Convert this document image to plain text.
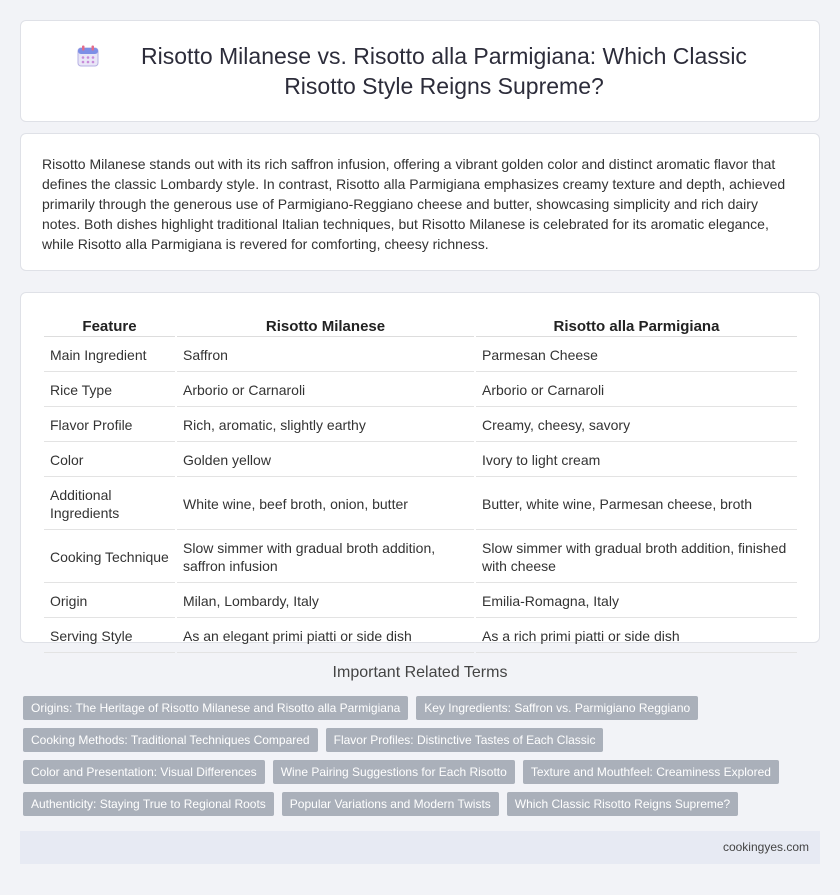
Risotto Milanese vs. Risotto alla Parmigiana: Which Classic Risotto Style Reigns Supreme?

Risotto Milanese stands out with its rich saffron infusion, offering a vibrant golden color and distinct aromatic flavor that defines the classic Lombardy style. In contrast, Risotto alla Parmigiana emphasizes creamy texture and depth, achieved primarily through the generous use of Parmigiano-Reggiano cheese and butter, showcasing simplicity and rich dairy notes. Both dishes highlight traditional Italian techniques, but Risotto Milanese is celebrated for its aromatic elegance, while Risotto alla Parmigiana is revered for comforting, cheesy richness.

Feature	Risotto Milanese	Risotto alla Parmigiana
Main Ingredient	Saffron	Parmesan Cheese
Rice Type	Arborio or Carnaroli	Arborio or Carnaroli
Flavor Profile	Rich, aromatic, slightly earthy	Creamy, cheesy, savory
Color	Golden yellow	Ivory to light cream
Additional Ingredients	White wine, beef broth, onion, butter	Butter, white wine, Parmesan cheese, broth
Cooking Technique	Slow simmer with gradual broth addition, saffron infusion	Slow simmer with gradual broth addition, finished with cheese
Origin	Milan, Lombardy, Italy	Emilia-Romagna, Italy
Serving Style	As an elegant primi piatti or side dish	As a rich primi piatti or side dish
Important Related Terms
Origins: The Heritage of Risotto Milanese and Risotto alla Parmigiana	Key Ingredients: Saffron vs. Parmigiano Reggiano
Cooking Methods: Traditional Techniques Compared	Flavor Profiles: Distinctive Tastes of Each Classic
Color and Presentation: Visual Differences	Wine Pairing Suggestions for Each Risotto	Texture and Mouthfeel: Creaminess Explored
Authenticity: Staying True to Regional Roots	Popular Variations and Modern Twists	Which Classic Risotto Reigns Supreme?
cookingyes.com
